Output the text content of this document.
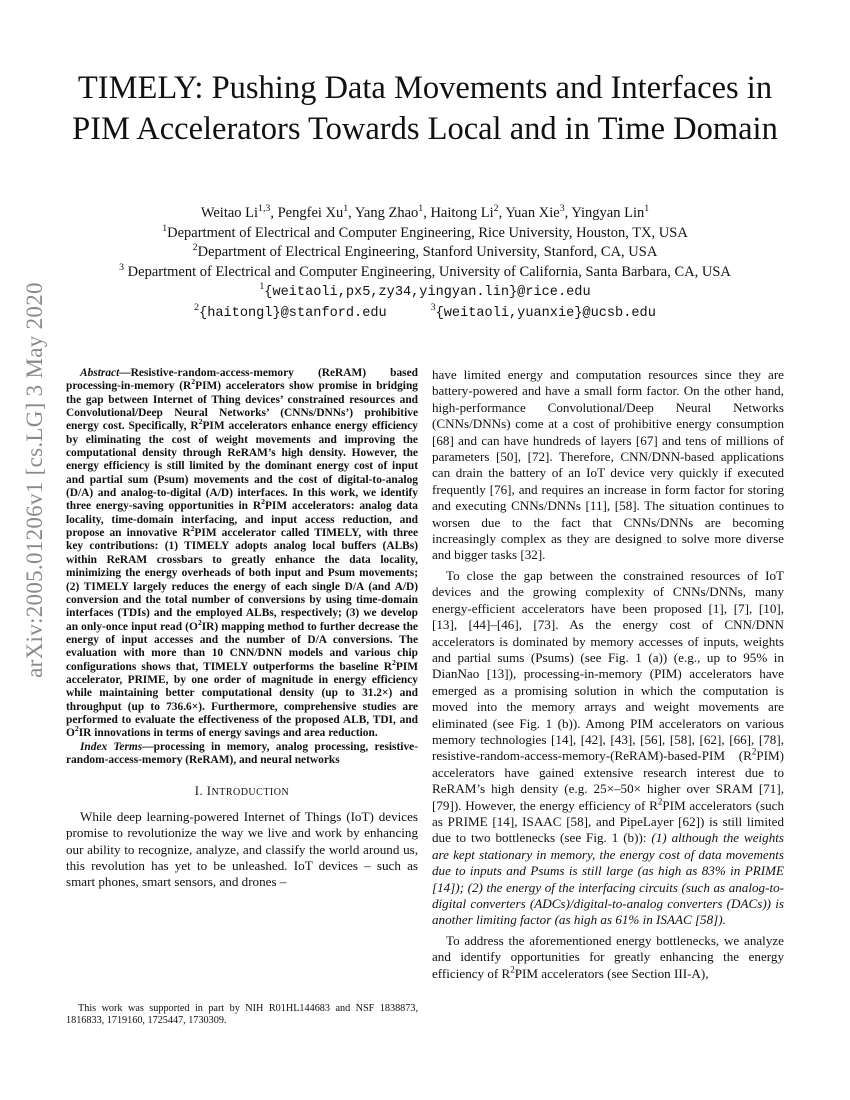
arXiv:2005.01206v1 [cs.LG] 3 May 2020
TIMELY: Pushing Data Movements and Interfaces in PIM Accelerators Towards Local and in Time Domain
Weitao Li$^{1,3}$, Pengfei Xu$^1$, Yang Zhao$^1$, Haitong Li$^2$, Yuan Xie$^3$, Yingyan Lin$^1$
$^1$Department of Electrical and Computer Engineering, Rice University, Houston, TX, USA
$^2$Department of Electrical Engineering, Stanford University, Stanford, CA, USA
$^3$ Department of Electrical and Computer Engineering, University of California, Santa Barbara, CA, USA
$^1${weitaoli,px5,zy34,yingyan.lin}@rice.edu
$^2${haitongl}@stanford.edu	$^3${weitaoli,yuanxie}@ucsb.edu

Abstract—Resistive-random-access-memory (ReRAM) based processing-in-memory $(R^2PIM)$ accelerators show promise in bridging the gap between Internet of Thing devices’ constrained resources and Convolutional/Deep Neural Networks’ (CNNs/DNNs’) prohibitive energy cost. Specifically, $R^2PIM$ accelerators enhance energy efficiency by eliminating the cost of weight movements and improving the computational density through ReRAM’s high density. However, the energy efficiency is still limited by the dominant energy cost of input and partial sum (Psum) movements and the cost of digital-to-analog (D/A) and analog-to-digital (A/D) interfaces. In this work, we identify three energy-saving opportunities in $R^2PIM$ accelerators: analog data locality, time-domain interfacing, and input access reduction, and propose an innovative $R^2PIM$ accelerator called TIMELY, with three key contributions: (1) TIMELY adopts analog local buffers (ALBs) within ReRAM crossbars to greatly enhance the data locality, minimizing the energy overheads of both input and Psum movements; (2) TIMELY largely reduces the energy of each single D/A (and A/D) conversion and the total number of conversions by using time-domain interfaces (TDIs) and the employed ALBs, respectively; (3) we develop an only-once input read $(O^2IR)$ mapping method to further decrease the energy of input accesses and the number of D/A conversions. The evaluation with more than 10 CNN/DNN models and various chip configurations shows that, TIMELY outperforms the baseline $R^2PIM$ accelerator, PRIME, by one order of magnitude in energy efficiency while maintaining better computational density (up to 31.2×) and throughput (up to 736.6×). Furthermore, comprehensive studies are performed to evaluate the effectiveness of the proposed ALB, TDI, and $O^2IR$ innovations in terms of energy savings and area reduction.

Index Terms—processing in memory, analog processing, resistive-random-access-memory (ReRAM), and neural networks

I. INTRODUCTION

While deep learning-powered Internet of Things (IoT) devices promise to revolutionize the way we live and work by enhancing our ability to recognize, analyze, and classify the world around us, this revolution has yet to be unleashed. IoT devices – such as smart phones, smart sensors, and drones –

This work was supported in part by NIH R01HL144683 and NSF 1838873, 1816833, 1719160, 1725447, 1730309.

have limited energy and computation resources since they are battery-powered and have a small form factor. On the other hand, high-performance Convolutional/Deep Neural Networks (CNNs/DNNs) come at a cost of prohibitive energy consumption [68] and can have hundreds of layers [67] and tens of millions of parameters [50], [72]. Therefore, CNN/DNN-based applications can drain the battery of an IoT device very quickly if executed frequently [76], and requires an increase in form factor for storing and executing CNNs/DNNs [11], [58]. The situation continues to worsen due to the fact that CNNs/DNNs are becoming increasingly complex as they are designed to solve more diverse and bigger tasks [32].

To close the gap between the constrained resources of IoT devices and the growing complexity of CNNs/DNNs, many energy-efficient accelerators have been proposed [1], [7], [10], [13], [44]–[46], [73]. As the energy cost of CNN/DNN accelerators is dominated by memory accesses of inputs, weights and partial sums (Psums) (see Fig. 1 (a)) (e.g., up to 95% in DianNao [13]), processing-in-memory (PIM) accelerators have emerged as a promising solution in which the computation is moved into the memory arrays and weight movements are eliminated (see Fig. 1 (b)). Among PIM accelerators on various memory technologies [14], [42], [43], [56], [58], [62], [66], [78], resistive-random-access-memory-(ReRAM)-based-PIM $(R^2PIM)$ accelerators have gained extensive research interest due to ReRAM’s high density (e.g. 25×–50× higher over SRAM [71], [79]). However, the energy efficiency of $R^2PIM$ accelerators (such as PRIME [14], ISAAC [58], and PipeLayer [62]) is still limited due to two bottlenecks (see Fig. 1 (b)): (1) although the weights are kept stationary in memory, the energy cost of data movements due to inputs and Psums is still large (as high as 83% in PRIME [14]); (2) the energy of the interfacing circuits (such as analog-to-digital converters (ADCs)/digital-to-analog converters (DACs)) is another limiting factor (as high as 61% in ISAAC [58]).

To address the aforementioned energy bottlenecks, we analyze and identify opportunities for greatly enhancing the energy efficiency of $R^2PIM$ accelerators (see Section III-A),
